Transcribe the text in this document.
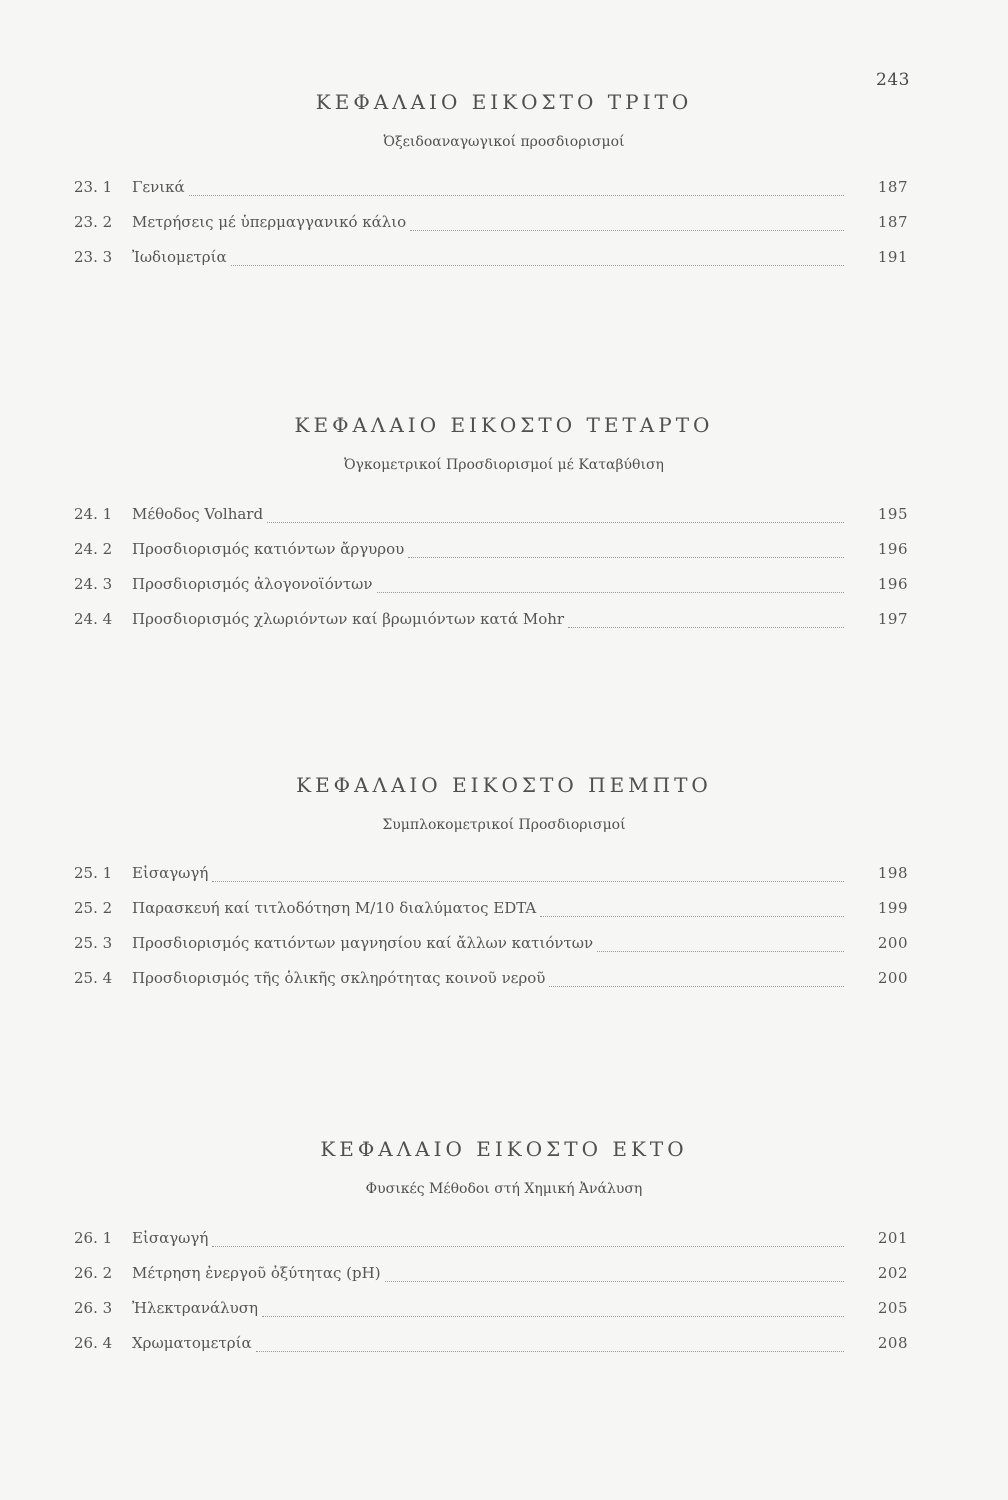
243
ΚΕΦΑΛΑΙΟ ΕΙΚΟΣΤΟ ΤΡΙΤΟ
Ὀξειδοαναγωγικοί προσδιορισμοί
23. 1	Γενικά	187
23. 2	Μετρήσεις μέ ὑπερμαγγανικό κάλιο	187
23. 3	Ἰωδιομετρία	191
ΚΕΦΑΛΑΙΟ ΕΙΚΟΣΤΟ ΤΕΤΑΡΤΟ
Ὀγκομετρικοί Προσδιορισμοί μέ Καταβύθιση
24. 1	Μέθοδος Volhard	195
24. 2	Προσδιορισμός κατιόντων ἄργυρου	196
24. 3	Προσδιορισμός ἀλογονοϊόντων	196
24. 4	Προσδιορισμός χλωριόντων καί βρωμιόντων κατά Mohr	197
ΚΕΦΑΛΑΙΟ ΕΙΚΟΣΤΟ ΠΕΜΠΤΟ
Συμπλοκομετρικοί Προσδιορισμοί
25. 1	Εἰσαγωγή	198
25. 2	Παρασκευή καί τιτλοδότηση Μ/10 διαλύματος EDTA	199
25. 3	Προσδιορισμός κατιόντων μαγνησίου καί ἄλλων κατιόντων	200
25. 4	Προσδιορισμός τῆς ὁλικῆς σκληρότητας κοινοῦ νεροῦ	200
ΚΕΦΑΛΑΙΟ ΕΙΚΟΣΤΟ ΕΚΤΟ
Φυσικές Μέθοδοι στή Χημική Ἀνάλυση
26. 1	Εἰσαγωγή	201
26. 2	Μέτρηση ἐνεργοῦ ὀξύτητας (pH)	202
26. 3	Ἠλεκτρανάλυση	205
26. 4	Χρωματομετρία	208
